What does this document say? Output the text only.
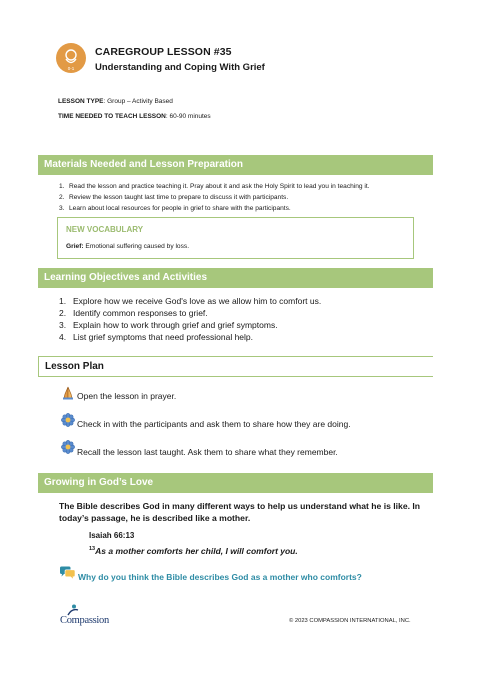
0-1
CAREGROUP LESSON #35
Understanding and Coping With Grief
LESSON TYPE: Group – Activity Based
TIME NEEDED TO TEACH LESSON: 60-90 minutes
Materials Needed and Lesson Preparation
1. Read the lesson and practice teaching it. Pray about it and ask the Holy Spirit to lead you in teaching it.
2. Review the lesson taught last time to prepare to discuss it with participants.
3. Learn about local resources for people in grief to share with the participants.
NEW VOCABULARY
Grief: Emotional suffering caused by loss.
Learning Objectives and Activities
1. Explore how we receive God's love as we allow him to comfort us.
2. Identify common responses to grief.
3. Explain how to work through grief and grief symptoms.
4. List grief symptoms that need professional help.
Lesson Plan
Open the lesson in prayer.
Check in with the participants and ask them to share how they are doing.
Recall the lesson last taught. Ask them to share what they remember.
Growing in God’s Love
The Bible describes God in many different ways to help us understand what he is like. In today’s passage, he is described like a mother.
Isaiah 66:13
$^{13}$As a mother comforts her child, I will comfort you.
Why do you think the Bible describes God as a mother who comforts?
Compassion	© 2023 COMPASSION INTERNATIONAL, INC.
